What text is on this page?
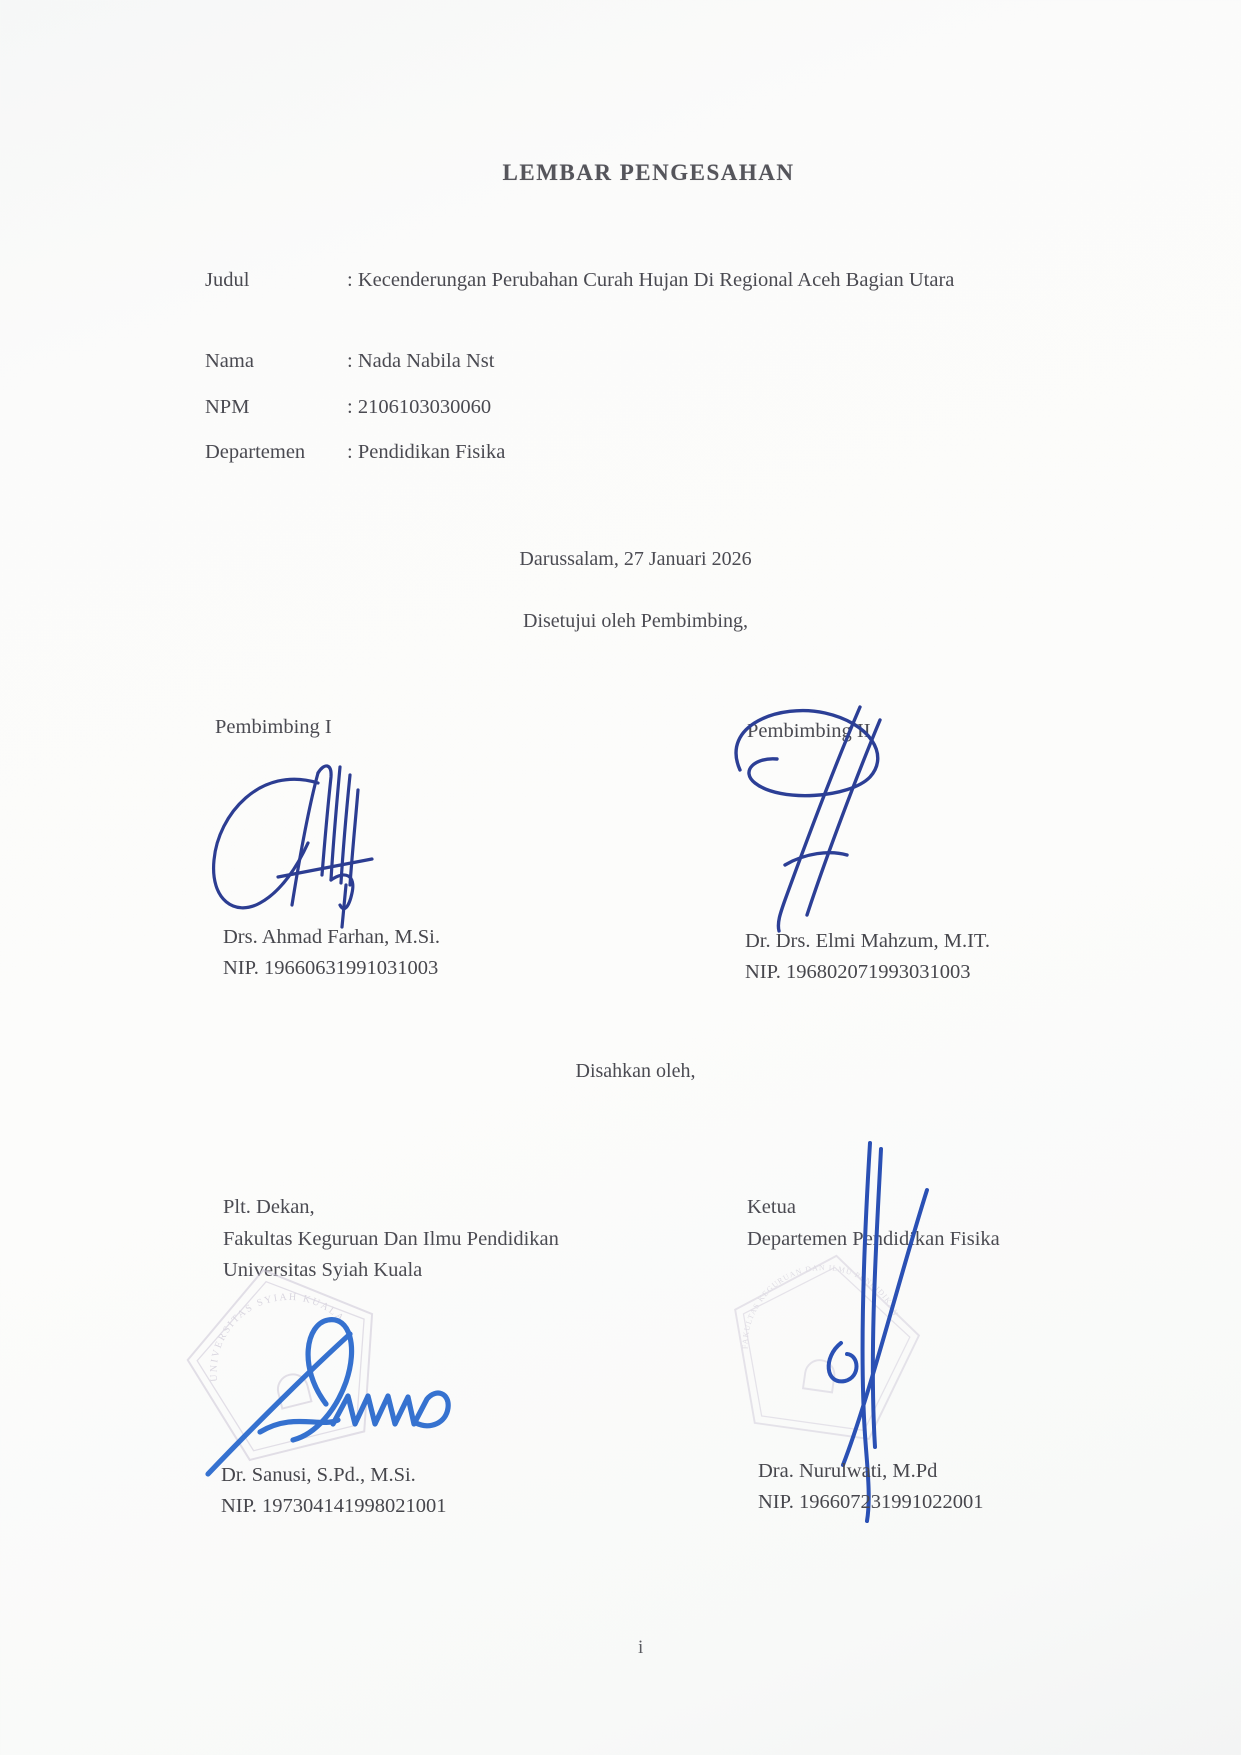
LEMBAR PENGESAHAN
Judul	: Kecenderungan Perubahan Curah Hujan Di Regional Aceh Bagian Utara
Nama	: Nada Nabila Nst
NPM	: 2106103030060
Departemen	: Pendidikan Fisika
Darussalam, 27 Januari 2026
Disetujui oleh Pembimbing,
Pembimbing I	Pembimbing II
Drs. Ahmad Farhan, M.Si.
NIP. 19660631991031003
Dr. Drs. Elmi Mahzum, M.IT.
NIP. 196802071993031003
Disahkan oleh,
Plt. Dekan,
Fakultas Keguruan Dan Ilmu Pendidikan
Universitas Syiah Kuala
Ketua
Departemen Pendidikan Fisika
UNIVERSITAS SYIAH KUALA
FAKULTAS KEGURUAN DAN ILMU PENDIDIKAN
Dr. Sanusi, S.Pd., M.Si.
NIP. 197304141998021001
Dra. Nurulwati, M.Pd
NIP. 196607231991022001
i
